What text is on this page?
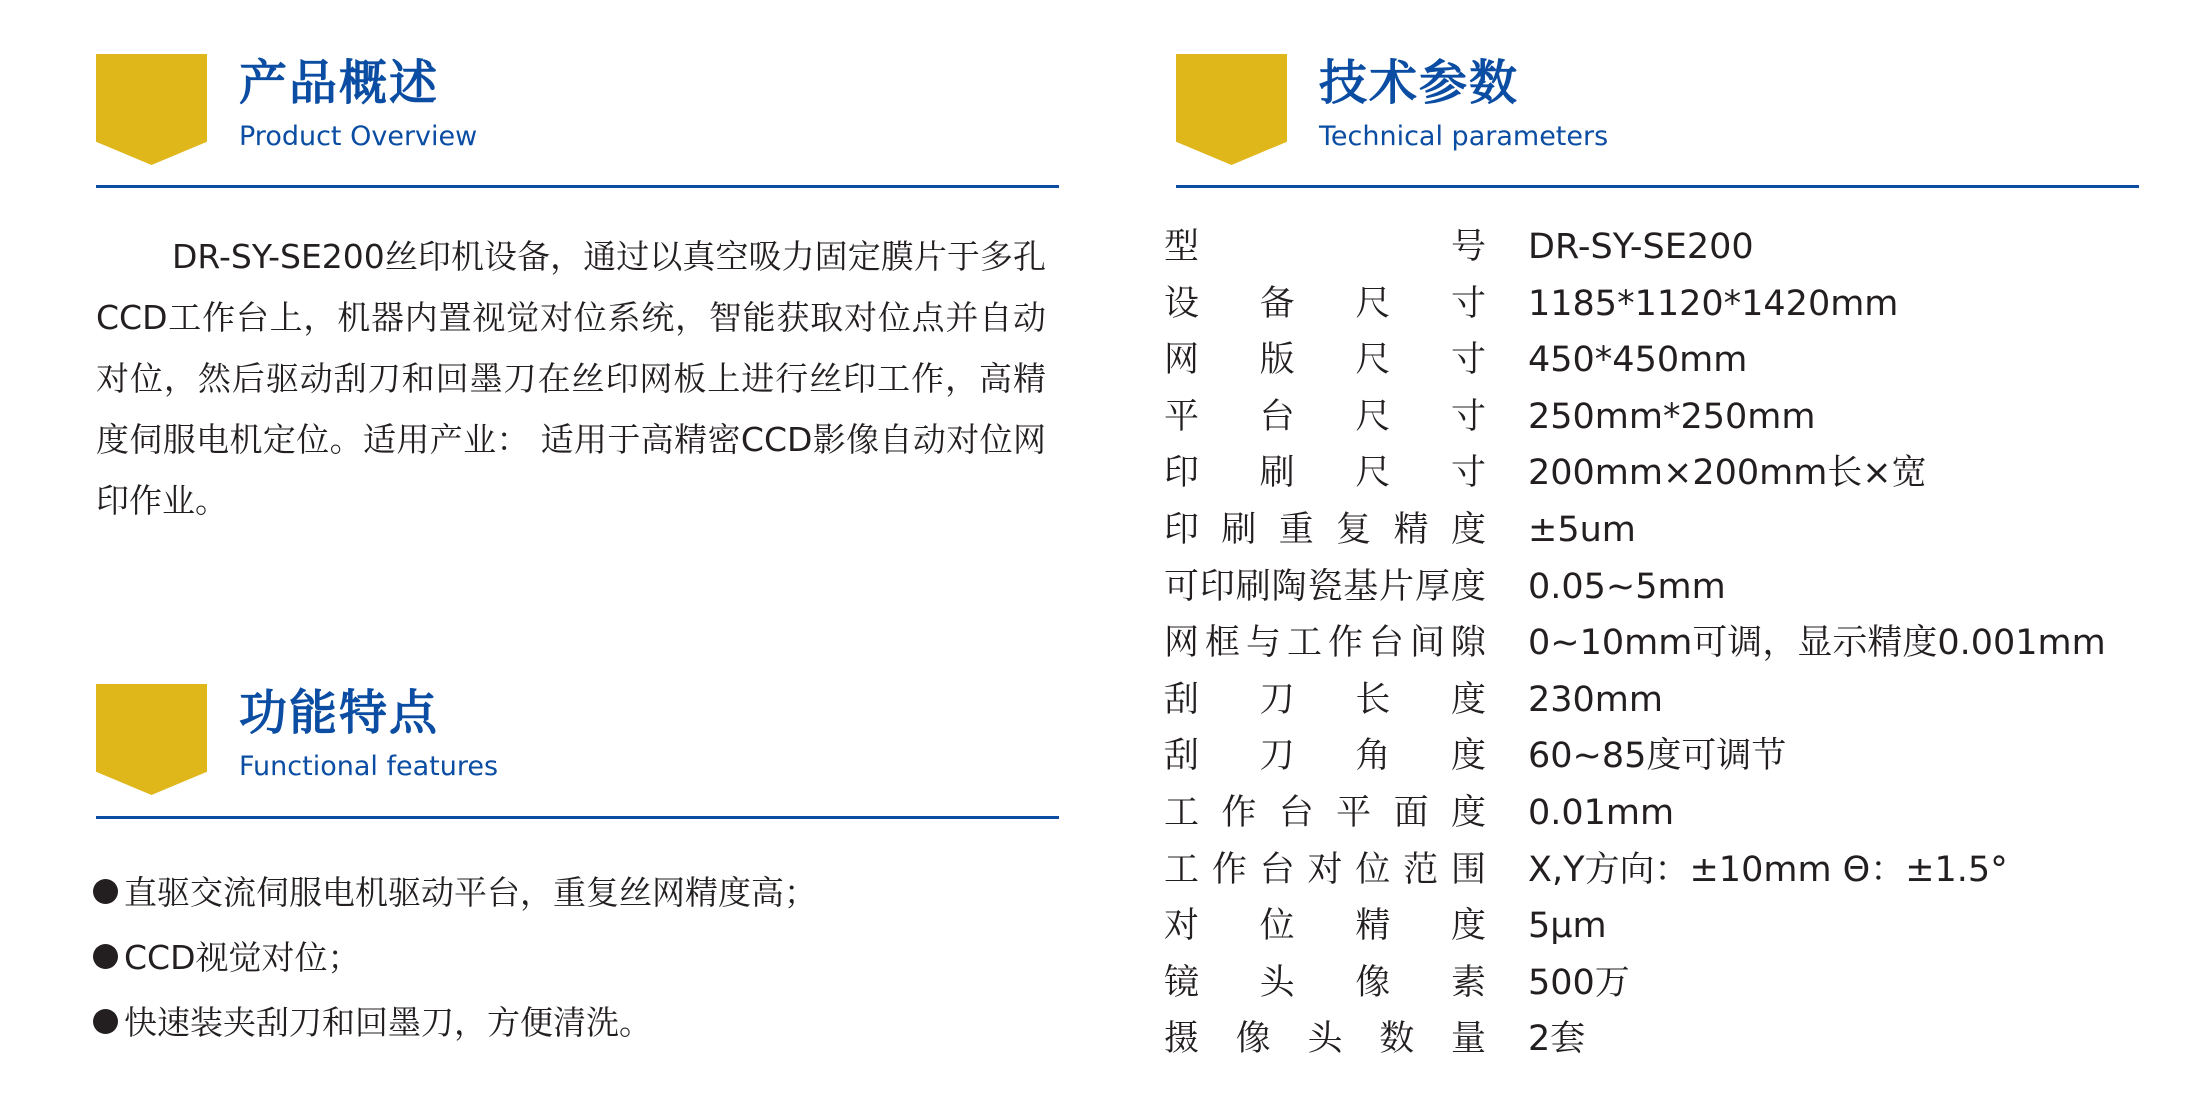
产品概述
Product Overview

DR-SY-SE200丝印机设备，通过以真空吸力固定膜片于多孔CCD工作台上，机器内置视觉对位系统，智能获取对位点并自动对位，然后驱动刮刀和回墨刀在丝印网板上进行丝印工作，高精度伺服电机定位。适用产业： 适用于高精密CCD影像自动对位网印作业。

功能特点
Functional features
直驱交流伺服电机驱动平台，重复丝网精度高；
CCD视觉对位；
快速装夹刮刀和回墨刀，方便清洗。
技术参数
Technical parameters
型	号 DR-SY-SE200
设 备 尺 寸 1185*1120*1420mm
网 版 尺 寸 450*450mm
平 台 尺 寸 250mm*250mm
印 刷 尺 寸 200mm×200mm长×宽
印 刷 重 复 精 度 ±5um
可 印 刷 陶 瓷 基 片 厚 度 0.05~5mm
网 框 与 工 作 台 间 隙 0~10mm可调，显示精度0.001mm
刮 刀 长 度 230mm
刮 刀 角 度 60~85度可调节
工 作 台 平 面 度 0.01mm
工 作 台 对 位 范 围 X,Y方向：±10mm Θ：±1.5°
对 位 精 度 5μm
镜 头 像 素 500万
摄 像 头 数 量 2套
